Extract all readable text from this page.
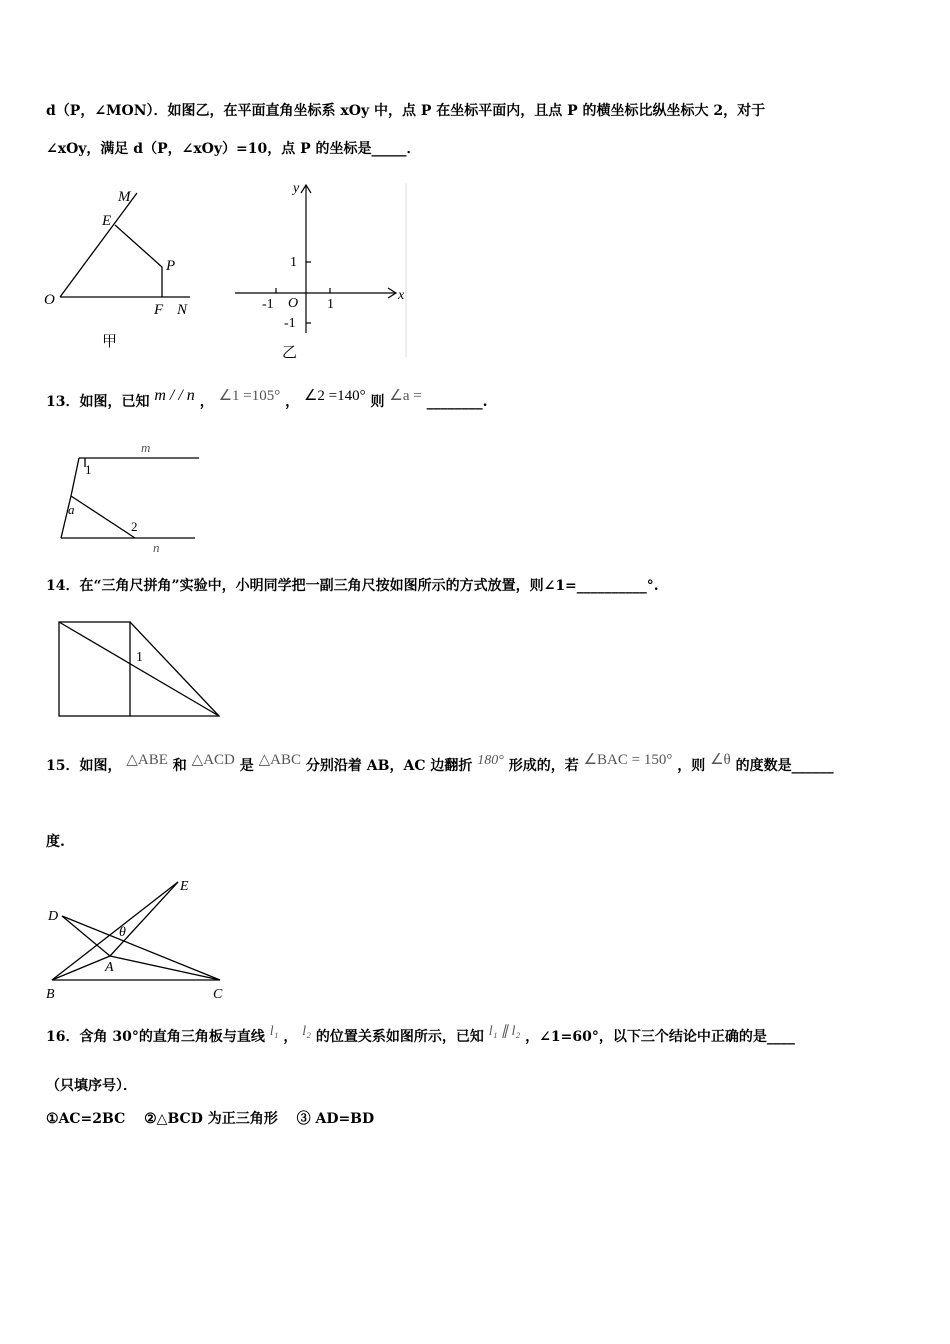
d（P，∠MON）．如图乙，在平面直角坐标系 xOy 中，点 P 在坐标平面内，且点 P 的横坐标比纵坐标大 2，对于
∠xOy，满足 d（P，∠xOy）=10，点 P 的坐标是_____．
M
E
P
O
F N
甲
y
x
1
-1 O 1
-1
乙
13．如图，已知 m / / n ， ∠1 =105° ， ∠2 =140° 则 ∠a = ________.
m
1
a
2
n
14．在“三角尺拼角”实验中，小明同学把一副三角尺按如图所示的方式放置，则∠1=__________°.
1
15．如图， △ABE 和 △ACD 是 △ABC 分别沿着 AB，AC 边翻折 180° 形成的，若 ∠BAC = 150° ，则 ∠θ 的度数是______
度.
E
D
θ
A
B	C
16．含角 30°的直角三角板与直线 l₁ ， l₂ 的位置关系如图所示，已知 l₁ ∥ l₂ ，∠1=60°，以下三个结论中正确的是____
（只填序号）．
①AC=2BC　 ②△BCD 为正三角形　 ③ AD=BD
